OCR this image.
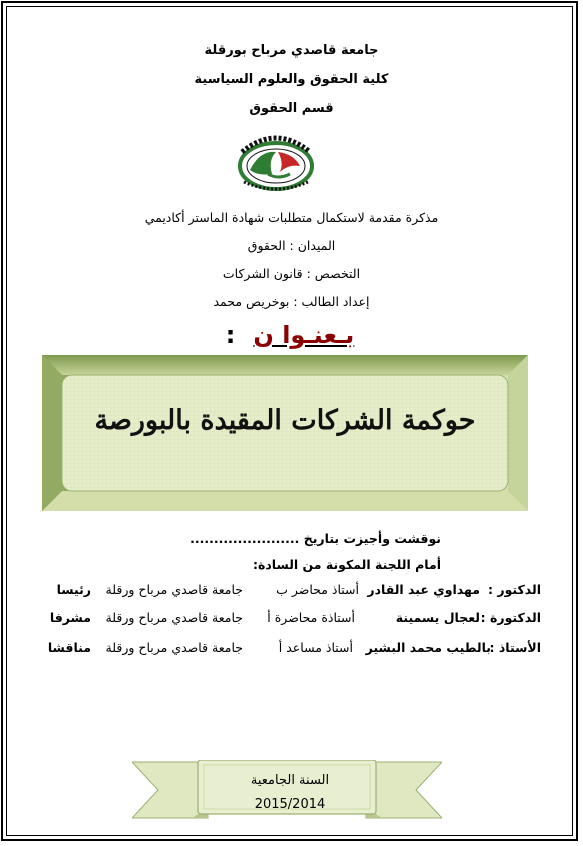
جامعة قاصدي مرباح بورقلة
كلية الحقوق والعلوم السياسية
قسم الحقوق
مذكرة مقدمة لاستكمال متطلبات شهادة الماستر أكاديمي
الميدان : الحقوق
التخصص : قانون الشركات
إعداد الطالب : بوخريص محمد
بـعنـوا ن:
حوكمة الشركات المقيدة بالبورصة
نوقشت وأجيزت بتاريخ .......................
أمام اللجنة المكونة من السادة:
الدكتور :
مهداوي عبد القادر
أستاذ محاضر ب
جامعة قاصدي مرباح ورقلة
رئيسا
الدكتورة :
لعجال يسمينة
أستاذة محاضرة أ
جامعة قاصدي مرباح ورقلة
مشرفا
الأستاذ :
بالطيب محمد البشير
أستاذ مساعد أ
جامعة قاصدي مرباح ورقلة
مناقشا
السنة الجامعية
2015/2014
